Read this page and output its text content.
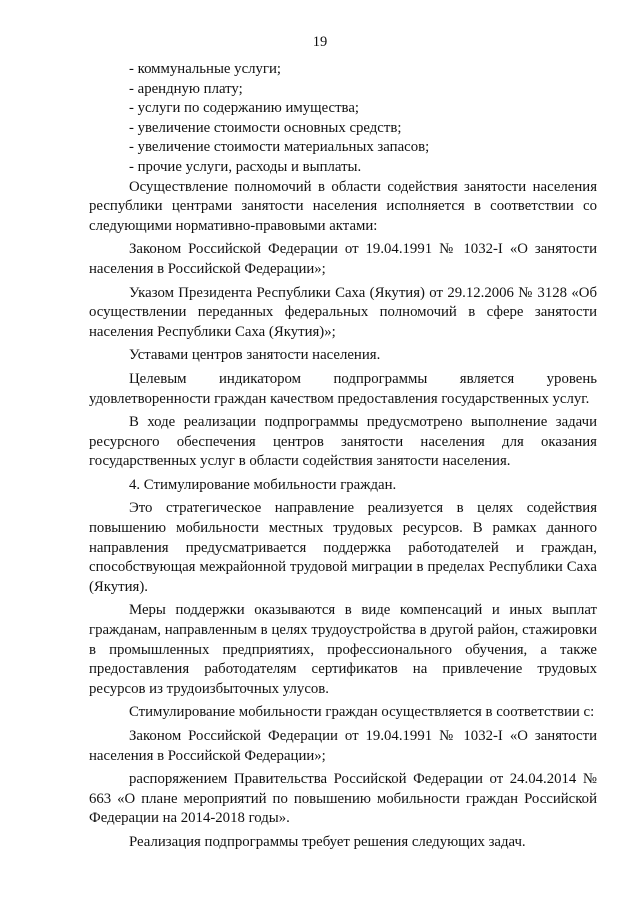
19

- коммунальные услуги;

- арендную плату;

- услуги по содержанию имущества;

- увеличение стоимости основных средств;

- увеличение стоимости материальных запасов;

- прочие услуги, расходы и выплаты.

Осуществление полномочий в области содействия занятости населения республики центрами занятости населения исполняется в соответствии со следующими нормативно-правовыми актами:

Законом Российской Федерации от 19.04.1991 № 1032-I «О занятости населения в Российской Федерации»;

Указом Президента Республики Саха (Якутия) от 29.12.2006 № 3128 «Об осуществлении переданных федеральных полномочий в сфере занятости населения Республики Саха (Якутия)»;

Уставами центров занятости населения.

Целевым индикатором подпрограммы является уровень удовлетворенности граждан качеством предоставления государственных услуг.

В ходе реализации подпрограммы предусмотрено выполнение задачи ресурсного обеспечения центров занятости населения для оказания государственных услуг в области содействия занятости населения.

4. Стимулирование мобильности граждан.

Это стратегическое направление реализуется в целях содействия повышению мобильности местных трудовых ресурсов. В рамках данного направления предусматривается поддержка работодателей и граждан, способствующая межрайонной трудовой миграции в пределах Республики Саха (Якутия).

Меры поддержки оказываются в виде компенсаций и иных выплат гражданам, направленным в целях трудоустройства в другой район, стажировки в промышленных предприятиях, профессионального обучения, а также предоставления работодателям сертификатов на привлечение трудовых ресурсов из трудоизбыточных улусов.

Стимулирование мобильности граждан осуществляется в соответствии с:

Законом Российской Федерации от 19.04.1991 № 1032-I «О занятости населения в Российской Федерации»;

распоряжением Правительства Российской Федерации от 24.04.2014 № 663 «О плане мероприятий по повышению мобильности граждан Российской Федерации на 2014-2018 годы».

Реализация подпрограммы требует решения следующих задач.
